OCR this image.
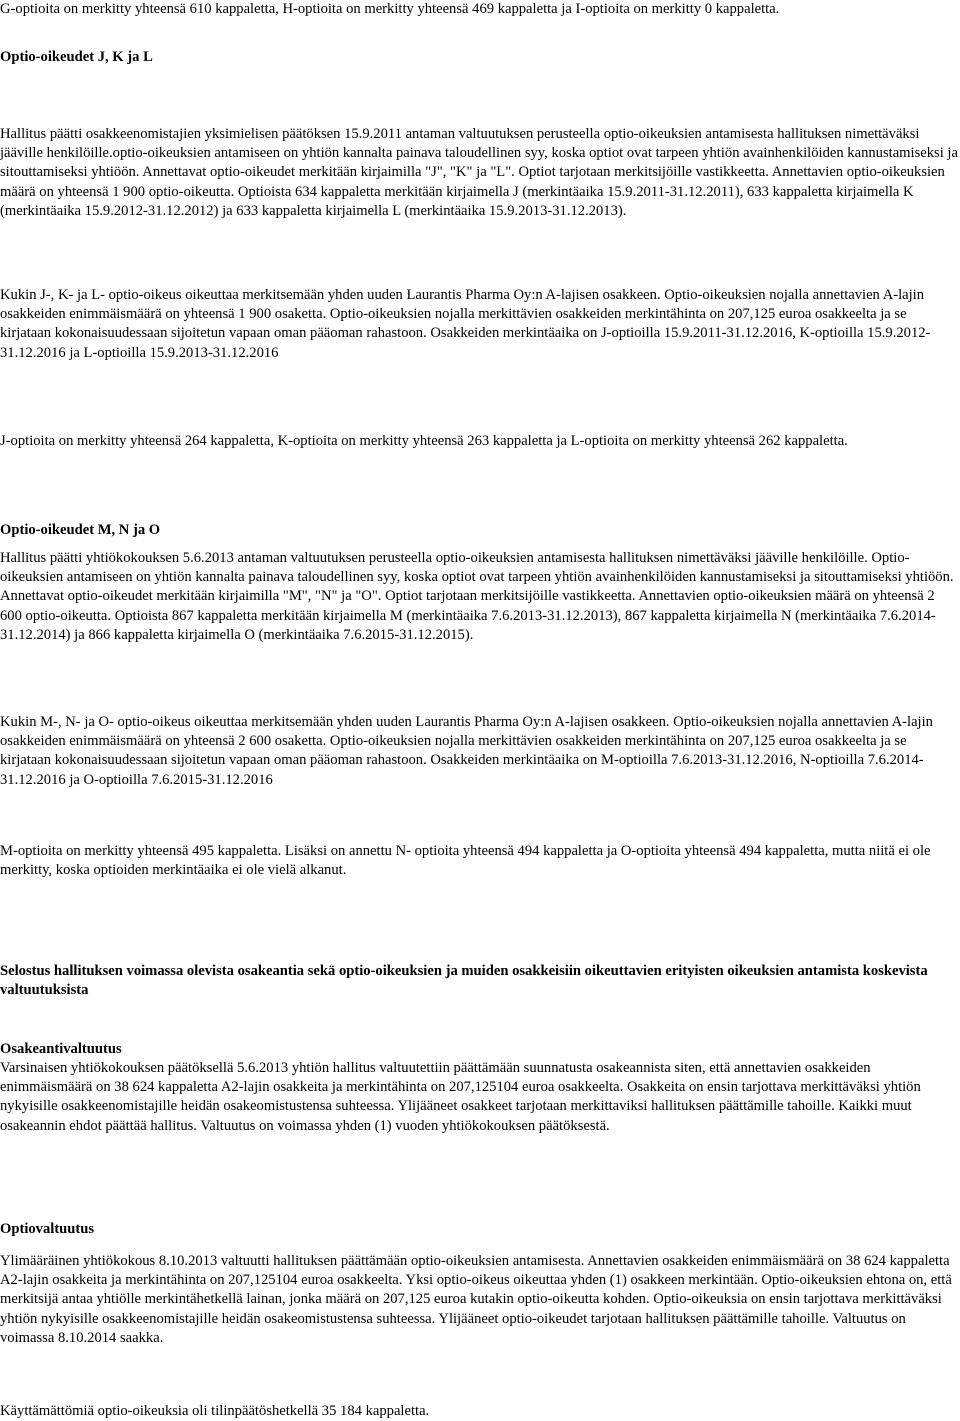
G-optioita on merkitty yhteensä 610 kappaletta, H-optioita on merkitty yhteensä 469 kappaletta ja I-optioita on merkitty 0 kappaletta.

Optio-oikeudet J, K ja L

Hallitus päätti osakkeenomistajien yksimielisen päätöksen 15.9.2011 antaman valtuutuksen perusteella optio-oikeuksien antamisesta hallituksen nimettäväksi jääville henkilöille.optio-oikeuksien antamiseen on yhtiön kannalta painava taloudellinen syy, koska optiot ovat tarpeen yhtiön avainhenkilöiden kannustamiseksi ja sitouttamiseksi yhtiöön. Annettavat optio-oikeudet merkitään kirjaimilla "J", "K" ja "L". Optiot tarjotaan merkitsijöille vastikkeetta. Annettavien optio-oikeuksien määrä on yhteensä 1 900 optio-oikeutta. Optioista 634 kappaletta merkitään kirjaimella J (merkintäaika 15.9.2011-31.12.2011), 633 kappaletta kirjaimella K (merkintäaika 15.9.2012-31.12.2012) ja 633 kappaletta kirjaimella L (merkintäaika 15.9.2013-31.12.2013).

Kukin J-, K- ja L- optio-oikeus oikeuttaa merkitsemään yhden uuden Laurantis Pharma Oy:n A-lajisen osakkeen. Optio-oikeuksien nojalla annettavien A-lajin osakkeiden enimmäismäärä on yhteensä 1 900 osaketta. Optio-oikeuksien nojalla merkittävien osakkeiden merkintähinta on 207,125 euroa osakkeelta ja se kirjataan kokonaisuudessaan sijoitetun vapaan oman pääoman rahastoon. Osakkeiden merkintäaika on J-optioilla 15.9.2011-31.12.2016, K-optioilla 15.9.2012-31.12.2016 ja L-optioilla 15.9.2013-31.12.2016

J-optioita on merkitty yhteensä 264 kappaletta, K-optioita on merkitty yhteensä 263 kappaletta ja L-optioita on merkitty yhteensä 262 kappaletta.

Optio-oikeudet M, N ja O

Hallitus päätti yhtiökokouksen 5.6.2013 antaman valtuutuksen perusteella optio-oikeuksien antamisesta hallituksen nimettäväksi jääville henkilöille. Optio-oikeuksien antamiseen on yhtiön kannalta painava taloudellinen syy, koska optiot ovat tarpeen yhtiön avainhenkilöiden kannustamiseksi ja sitouttamiseksi yhtiöön. Annettavat optio-oikeudet merkitään kirjaimilla "M", "N" ja "O". Optiot tarjotaan merkitsijöille vastikkeetta. Annettavien optio-oikeuksien määrä on yhteensä 2 600 optio-oikeutta. Optioista 867 kappaletta merkitään kirjaimella M (merkintäaika 7.6.2013-31.12.2013), 867 kappaletta kirjaimella N (merkintäaika 7.6.2014-31.12.2014) ja 866 kappaletta kirjaimella O (merkintäaika 7.6.2015-31.12.2015).

Kukin M-, N- ja O- optio-oikeus oikeuttaa merkitsemään yhden uuden Laurantis Pharma Oy:n A-lajisen osakkeen. Optio-oikeuksien nojalla annettavien A-lajin osakkeiden enimmäismäärä on yhteensä 2 600 osaketta. Optio-oikeuksien nojalla merkittävien osakkeiden merkintähinta on 207,125 euroa osakkeelta ja se kirjataan kokonaisuudessaan sijoitetun vapaan oman pääoman rahastoon. Osakkeiden merkintäaika on M-optioilla 7.6.2013-31.12.2016, N-optioilla 7.6.2014-31.12.2016 ja O-optioilla 7.6.2015-31.12.2016

M-optioita on merkitty yhteensä 495 kappaletta. Lisäksi on annettu N- optioita yhteensä 494 kappaletta ja O-optioita yhteensä 494 kappaletta, mutta niitä ei ole merkitty, koska optioiden merkintäaika ei ole vielä alkanut.

Selostus hallituksen voimassa olevista osakeantia sekä optio-oikeuksien ja muiden osakkeisiin oikeuttavien erityisten oikeuksien antamista koskevista valtuutuksista

Osakeantivaltuutus

Varsinaisen yhtiökokouksen päätöksellä 5.6.2013 yhtiön hallitus valtuutettiin päättämään suunnatusta osakeannista siten, että annettavien osakkeiden enimmäismäärä on 38 624 kappaletta A2-lajin osakkeita ja merkintähinta on 207,125104 euroa osakkeelta. Osakkeita on ensin tarjottava merkittäväksi yhtiön nykyisille osakkeenomistajille heidän osakeomistustensa suhteessa. Ylijääneet osakkeet tarjotaan merkittaviksi hallituksen päättämille tahoille. Kaikki muut osakeannin ehdot päättää hallitus. Valtuutus on voimassa yhden (1) vuoden yhtiökokouksen päätöksestä.

Optiovaltuutus

Ylimääräinen yhtiökokous 8.10.2013 valtuutti hallituksen päättämään optio-oikeuksien antamisesta. Annettavien osakkeiden enimmäismäärä on 38 624 kappaletta A2-lajin osakkeita ja merkintähinta on 207,125104 euroa osakkeelta. Yksi optio-oikeus oikeuttaa yhden (1) osakkeen merkintään. Optio-oikeuksien ehtona on, että merkitsijä antaa yhtiölle merkintähetkellä lainan, jonka määrä on 207,125 euroa kutakin optio-oikeutta kohden. Optio-oikeuksia on ensin tarjottava merkittäväksi yhtiön nykyisille osakkeenomistajille heidän osakeomistustensa suhteessa. Ylijääneet optio-oikeudet tarjotaan hallituksen päättämille tahoille. Valtuutus on voimassa 8.10.2014 saakka.

Käyttämättömiä optio-oikeuksia oli tilinpäätöshetkellä 35 184 kappaletta.
